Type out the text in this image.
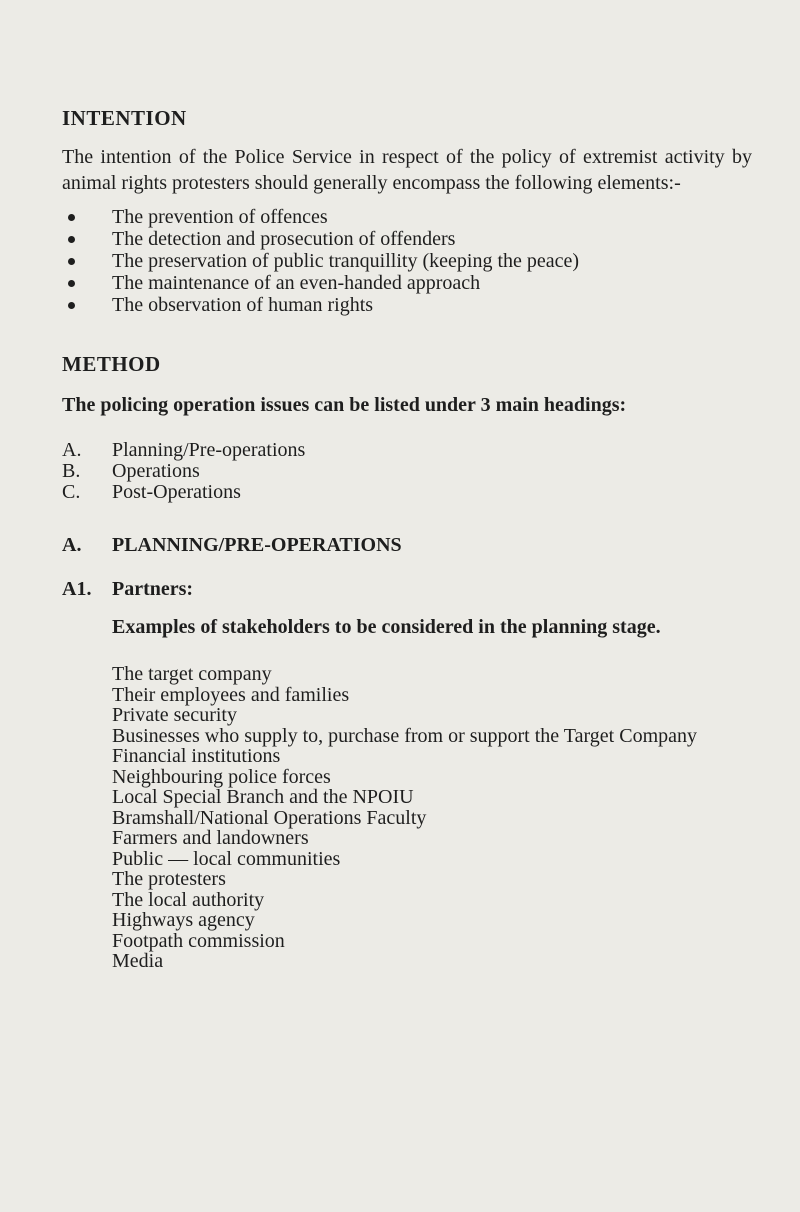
INTENTION

The intention of the Police Service in respect of the policy of extremist activity by animal rights protesters should generally encompass the following elements:-

The prevention of offences
The detection and prosecution of offenders
The preservation of public tranquillity (keeping the peace)
The maintenance of an even-handed approach
The observation of human rights
METHOD

The policing operation issues can be listed under 3 main headings:

A.	Planning/Pre-operations
B.	Operations
C.	Post-Operations
A.	PLANNING/PRE-OPERATIONS
A1.	Partners:

Examples of stakeholders to be considered in the planning stage.

The target company
Their employees and families
Private security
Businesses who supply to, purchase from or support the Target Company
Financial institutions
Neighbouring police forces
Local Special Branch and the NPOIU
Bramshall/National Operations Faculty
Farmers and landowners
Public — local communities
The protesters
The local authority
Highways agency
Footpath commission
Media
